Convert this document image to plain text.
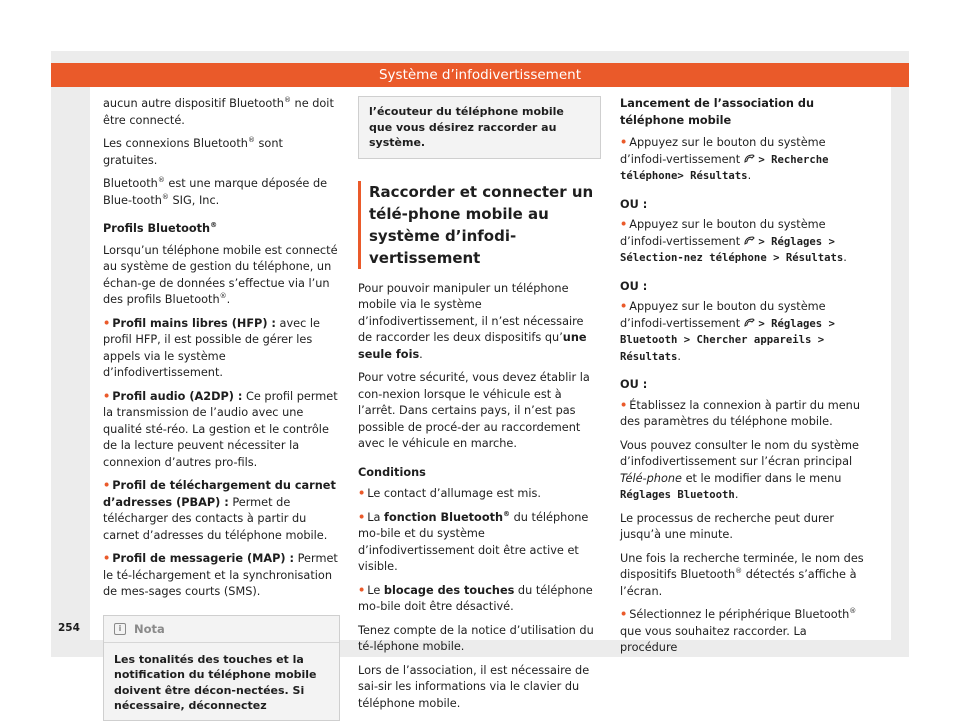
Système d’infodivertissement

aucun autre dispositif Bluetooth® ne doit être connecté.

Les connexions Bluetooth® sont gratuites.

Bluetooth® est une marque déposée de Blue-tooth® SIG, Inc.

Profils Bluetooth®

Lorsqu’un téléphone mobile est connecté au système de gestion du téléphone, un échan-ge de données s’effectue via l’un des profils Bluetooth®.

• Profil mains libres (HFP) : avec le profil HFP, il est possible de gérer les appels via le système d’infodivertissement.

• Profil audio (A2DP) : Ce profil permet la transmission de l’audio avec une qualité sté-réo. La gestion et le contrôle de la lecture peuvent nécessiter la connexion d’autres pro-fils.

• Profil de téléchargement du carnet d’adresses (PBAP) : Permet de télécharger des contacts à partir du carnet d’adresses du téléphone mobile.

• Profil de messagerie (MAP) : Permet le té-léchargement et la synchronisation de mes-sages courts (SMS).

i Nota
Les tonalités des touches et la notification du téléphone mobile doivent être décon-nectées. Si nécessaire, déconnectez
l’écouteur du téléphone mobile que vous désirez raccorder au système.
Raccorder et connecter un télé-phone mobile au système d’infodi-vertissement

Pour pouvoir manipuler un téléphone mobile via le système d’infodivertissement, il n’est nécessaire de raccorder les deux dispositifs qu’une seule fois.

Pour votre sécurité, vous devez établir la con-nexion lorsque le véhicule est à l’arrêt. Dans certains pays, il n’est pas possible de procé-der au raccordement avec le véhicule en marche.

Conditions

• Le contact d’allumage est mis.

• La fonction Bluetooth® du téléphone mo-bile et du système d’infodivertissement doit être active et visible.

• Le blocage des touches du téléphone mo-bile doit être désactivé.

Tenez compte de la notice d’utilisation du té-léphone mobile.

Lors de l’association, il est nécessaire de sai-sir les informations via le clavier du téléphone mobile.

Lancement de l’association du téléphone mobile

• Appuyez sur le bouton du système d’infodi-vertissement > Recherche téléphone> Résultats.

OU :

• Appuyez sur le bouton du système d’infodi-vertissement > Réglages > Sélection-nez téléphone > Résultats.

OU :

• Appuyez sur le bouton du système d’infodi-vertissement > Réglages > Bluetooth > Chercher appareils > Résultats.

OU :

• Établissez la connexion à partir du menu des paramètres du téléphone mobile.

Vous pouvez consulter le nom du système d’infodivertissement sur l’écran principal Télé-phone et le modifier dans le menu Réglages Bluetooth.

Le processus de recherche peut durer jusqu’à une minute.

Une fois la recherche terminée, le nom des dispositifs Bluetooth® détectés s’affiche à l’écran.

• Sélectionnez le périphérique Bluetooth® que vous souhaitez raccorder. La procédure

254
